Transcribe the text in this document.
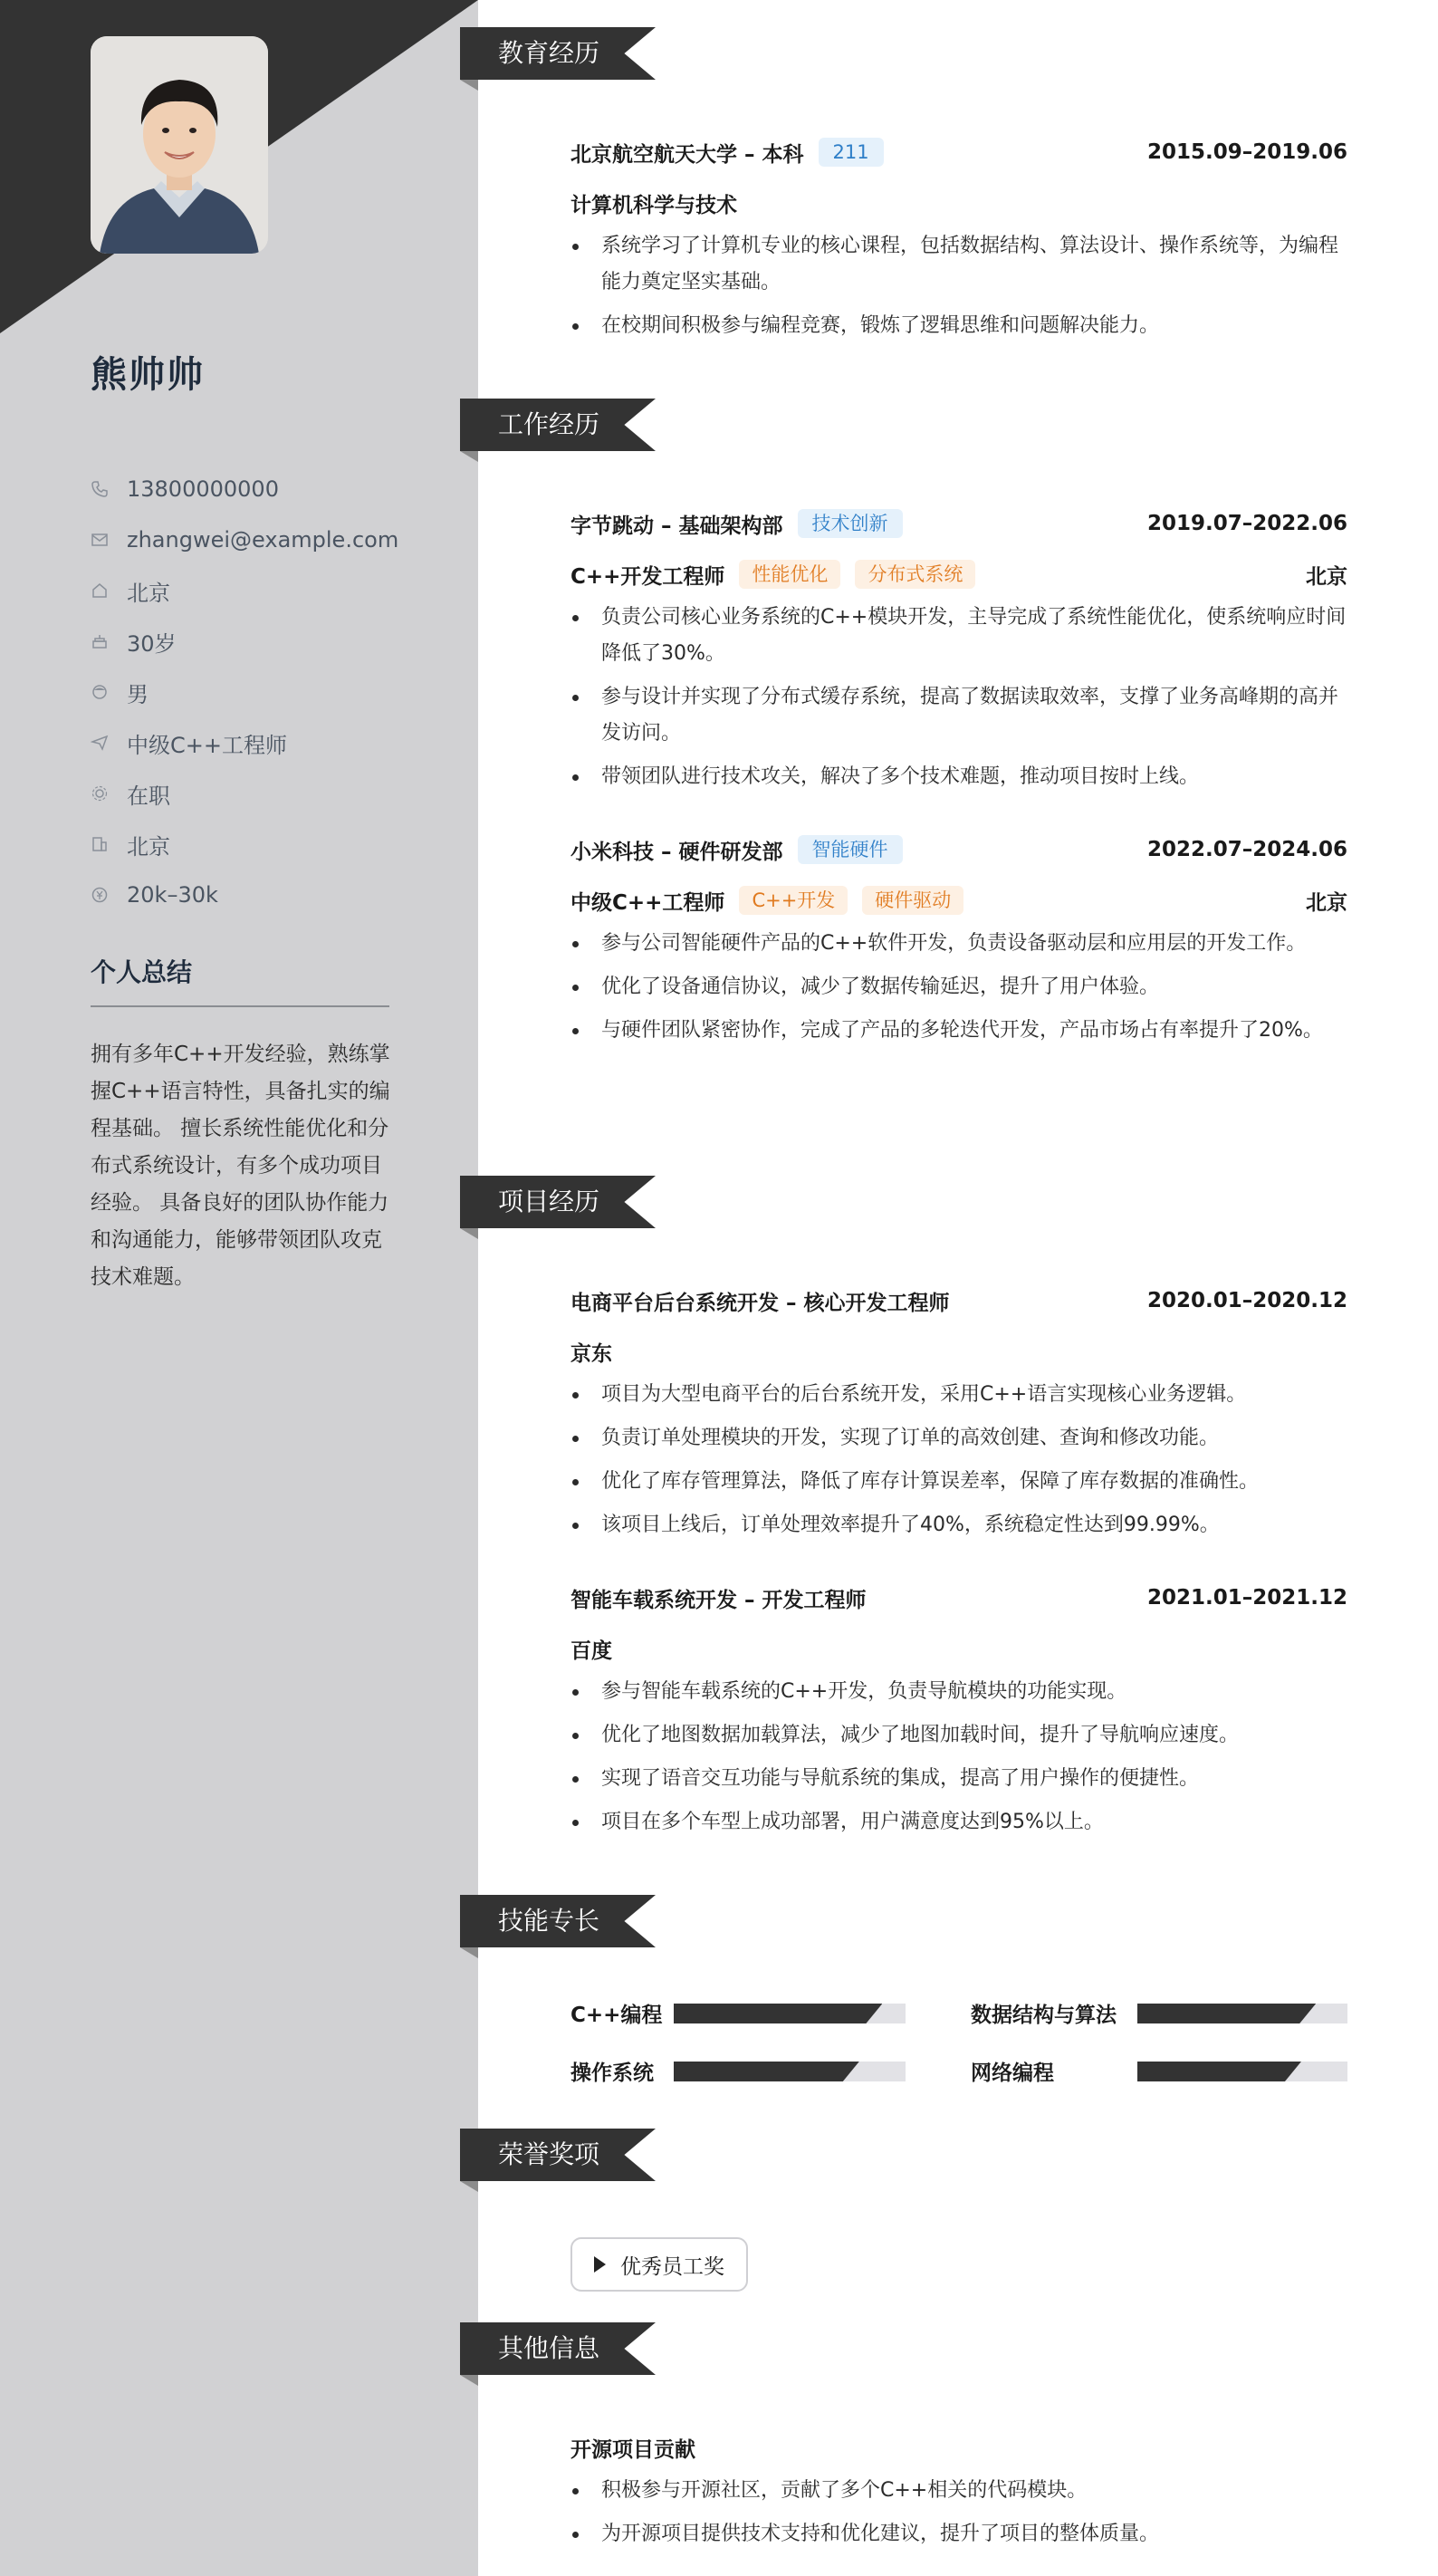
熊帅帅
13800000000
zhangwei@example.com
北京
30岁
男
中级C++工程师
在职
北京
20k–30k
个人总结

拥有多年C++开发经验，熟练掌握C++语言特性，具备扎实的编程基础。 擅长系统性能优化和分布式系统设计，有多个成功项目经验。 具备良好的团队协作能力和沟通能力，能够带领团队攻克技术难题。

教育经历
北京航空航天大学 – 本科	211	2015.09–2019.06
计算机科学与技术
系统学习了计算机专业的核心课程，包括数据结构、算法设计、操作系统等，为编程能力奠定坚实基础。
在校期间积极参与编程竞赛，锻炼了逻辑思维和问题解决能力。
工作经历
字节跳动 – 基础架构部	技术创新	2019.07–2022.06
C++开发工程师	性能优化	分布式系统	北京
负责公司核心业务系统的C++模块开发，主导完成了系统性能优化，使系统响应时间降低了30%。
参与设计并实现了分布式缓存系统，提高了数据读取效率，支撑了业务高峰期的高并发访问。
带领团队进行技术攻关，解决了多个技术难题，推动项目按时上线。
小米科技 – 硬件研发部	智能硬件	2022.07–2024.06
中级C++工程师	C++开发	硬件驱动	北京
参与公司智能硬件产品的C++软件开发，负责设备驱动层和应用层的开发工作。
优化了设备通信协议，减少了数据传输延迟，提升了用户体验。
与硬件团队紧密协作，完成了产品的多轮迭代开发，产品市场占有率提升了20%。
项目经历
电商平台后台系统开发 – 核心开发工程师	2020.01–2020.12
京东
项目为大型电商平台的后台系统开发，采用C++语言实现核心业务逻辑。
负责订单处理模块的开发，实现了订单的高效创建、查询和修改功能。
优化了库存管理算法，降低了库存计算误差率，保障了库存数据的准确性。
该项目上线后，订单处理效率提升了40%，系统稳定性达到99.99%。
智能车载系统开发 – 开发工程师	2021.01–2021.12
百度
参与智能车载系统的C++开发，负责导航模块的功能实现。
优化了地图数据加载算法，减少了地图加载时间，提升了导航响应速度。
实现了语音交互功能与导航系统的集成，提高了用户操作的便捷性。
项目在多个车型上成功部署，用户满意度达到95%以上。
技能专长
C++编程	数据结构与算法
操作系统	网络编程
荣誉奖项
优秀员工奖
其他信息
开源项目贡献
积极参与开源社区，贡献了多个C++相关的代码模块。
为开源项目提供技术支持和优化建议，提升了项目的整体质量。
